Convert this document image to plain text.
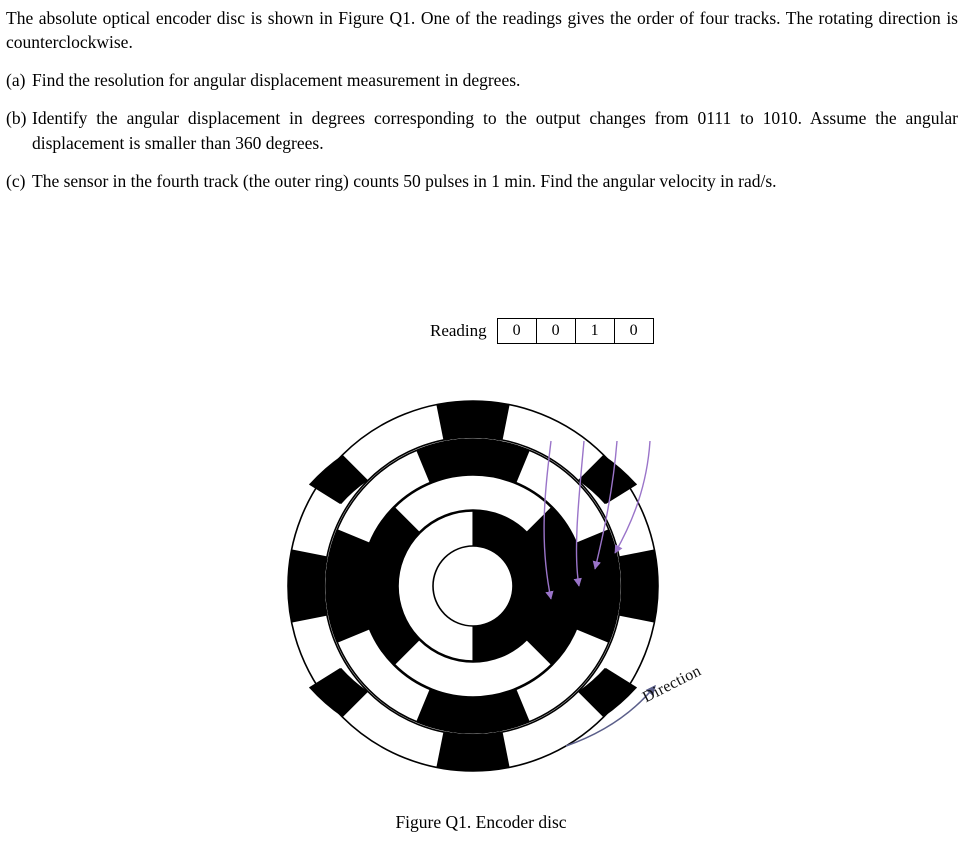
The absolute optical encoder disc is shown in Figure Q1. One of the readings gives the order of four tracks. The rotating direction is counterclockwise.

(a) Find the resolution for angular displacement measurement in degrees.

(b) Identify the angular displacement in degrees corresponding to the output changes from 0111 to 1010. Assume the angular displacement is smaller than 360 degrees.

(c) The sensor in the fourth track (the outer ring) counts 50 pulses in 1 min. Find the angular velocity in rad/s.

Reading	0	0	1	0
Direction
Figure Q1. Encoder disc
